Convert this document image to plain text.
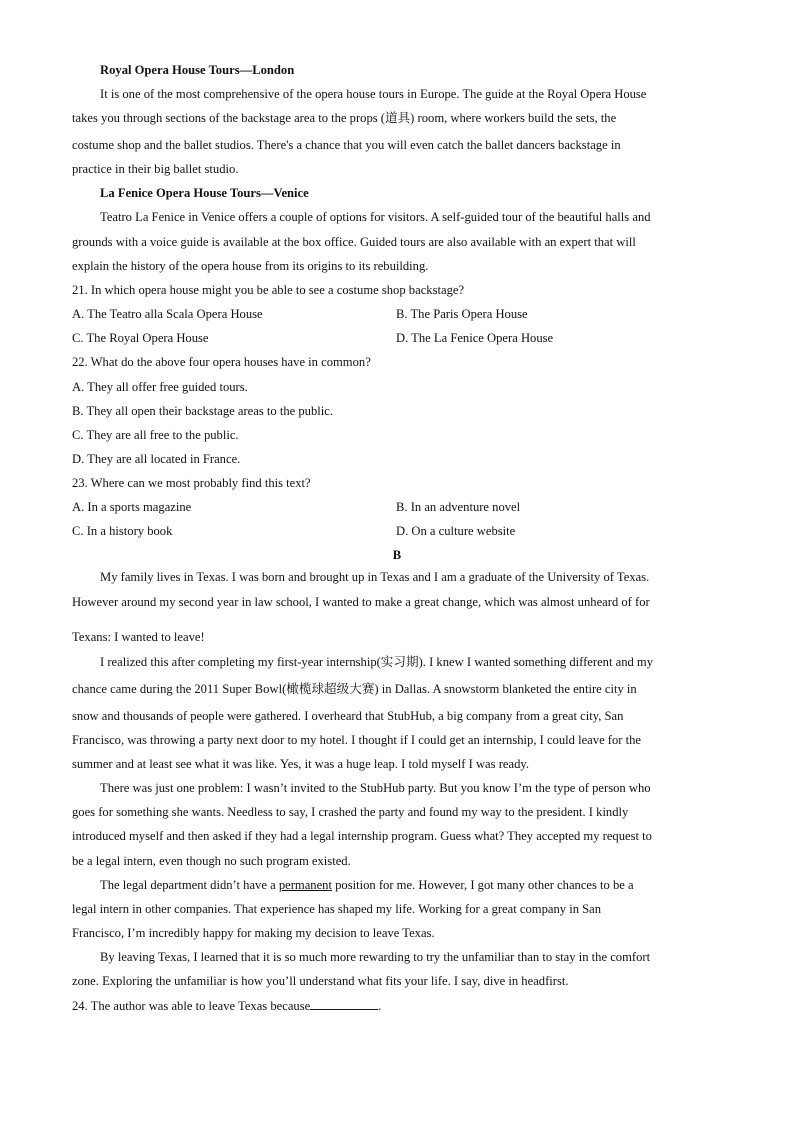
Royal Opera House Tours—London
It is one of the most comprehensive of the opera house tours in Europe. The guide at the Royal Opera House
takes you through sections of the backstage area to the props (道具) room, where workers build the sets, the
costume shop and the ballet studios. There's a chance that you will even catch the ballet dancers backstage in
practice in their big ballet studio.
La Fenice Opera House Tours—Venice
Teatro La Fenice in Venice offers a couple of options for visitors. A self-guided tour of the beautiful halls and
grounds with a voice guide is available at the box office. Guided tours are also available with an expert that will
explain the history of the opera house from its origins to its rebuilding.
21. In which opera house might you be able to see a costume shop backstage?
A. The Teatro alla Scala Opera House	B. The Paris Opera House
C. The Royal Opera House	D. The La Fenice Opera House
22. What do the above four opera houses have in common?
A. They all offer free guided tours.
B. They all open their backstage areas to the public.
C. They are all free to the public.
D. They are all located in France.
23. Where can we most probably find this text?
A. In a sports magazine	B. In an adventure novel
C. In a history book	D. On a culture website
B
My family lives in Texas. I was born and brought up in Texas and I am a graduate of the University of Texas.
However around my second year in law school, I wanted to make a great change, which was almost unheard of for
Texans: I wanted to leave!
I realized this after completing my first-year internship(实习期). I knew I wanted something different and my
chance came during the 2011 Super Bowl(橄榄球超级大赛) in Dallas. A snowstorm blanketed the entire city in
snow and thousands of people were gathered. I overheard that StubHub, a big company from a great city, San
Francisco, was throwing a party next door to my hotel. I thought if I could get an internship, I could leave for the
summer and at least see what it was like. Yes, it was a huge leap. I told myself I was ready.
There was just one problem: I wasn’t invited to the StubHub party. But you know I’m the type of person who
goes for something she wants. Needless to say, I crashed the party and found my way to the president. I kindly
introduced myself and then asked if they had a legal internship program. Guess what? They accepted my request to
be a legal intern, even though no such program existed.
The legal department didn’t have a permanent position for me. However, I got many other chances to be a
legal intern in other companies. That experience has shaped my life. Working for a great company in San
Francisco, I’m incredibly happy for making my decision to leave Texas.
By leaving Texas, I learned that it is so much more rewarding to try the unfamiliar than to stay in the comfort
zone. Exploring the unfamiliar is how you’ll understand what fits your life. I say, dive in headfirst.
24. The author was able to leave Texas because	.
